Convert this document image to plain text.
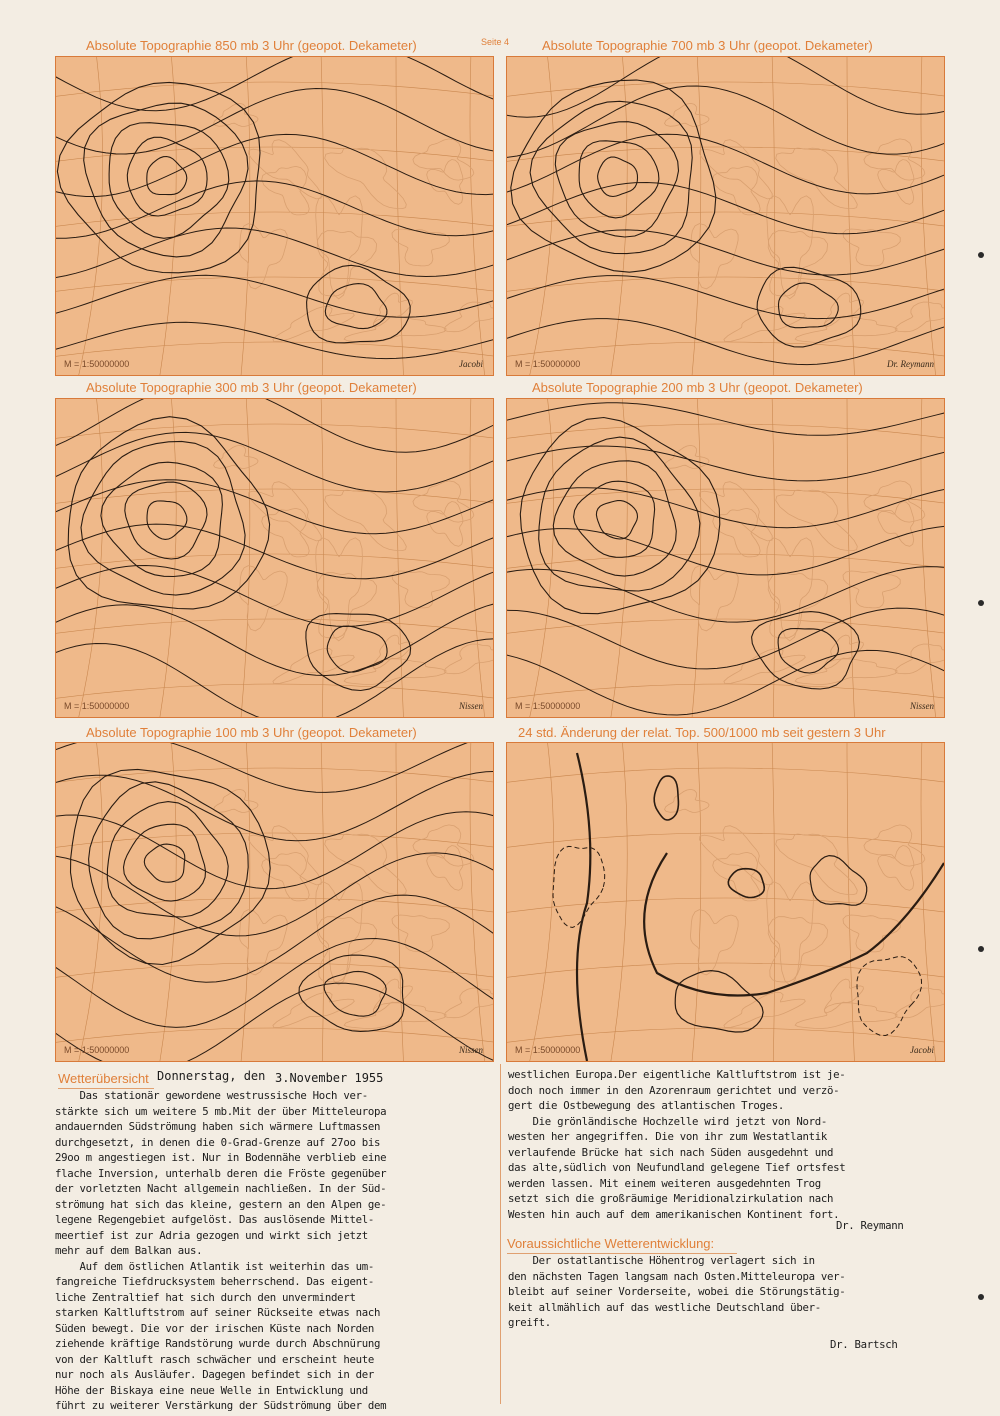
Seite 4
Absolute Topographie 850 mb 3 Uhr (geopot. Dekameter)	Absolute Topographie 700 mb 3 Uhr (geopot. Dekameter)
Absolute Topographie 300 mb 3 Uhr (geopot. Dekameter)	Absolute Topographie 200 mb 3 Uhr (geopot. Dekameter)
Absolute Topographie 100 mb 3 Uhr (geopot. Dekameter)	24 std. Änderung der relat. Top. 500/1000 mb seit gestern 3 Uhr
M = 1:50000000	Jacobi	M = 1:50000000	Dr. Reymann
M = 1:50000000	Nissen	M = 1:50000000	Nissen
M = 1:50000000	Nissen	M = 1:50000000	Jacobi
Wetterübersicht Donnerstag, den 3.November 1955
Das stationär gewordene westrussische Hoch ver-
stärkte sich um weitere 5 mb.Mit der über Mitteleuropa
andauernden Südströmung haben sich wärmere Luftmassen
durchgesetzt, in denen die 0-Grad-Grenze auf 27oo bis
29oo m angestiegen ist. Nur in Bodennähe verblieb eine
flache Inversion, unterhalb deren die Fröste gegenüber
der vorletzten Nacht allgemein nachließen. In der Süd-
strömung hat sich das kleine, gestern an den Alpen ge-
legene Regengebiet aufgelöst. Das auslösende Mittel-
meertief ist zur Adria gezogen und wirkt sich jetzt
mehr auf dem Balkan aus.
Auf dem östlichen Atlantik ist weiterhin das um-
fangreiche Tiefdrucksystem beherrschend. Das eigent-
liche Zentraltief hat sich durch den unvermindert
starken Kaltluftstrom auf seiner Rückseite etwas nach
Süden bewegt. Die vor der irischen Küste nach Norden
ziehende kräftige Randstörung wurde durch Abschnürung
von der Kaltluft rasch schwächer und erscheint heute
nur noch als Ausläufer. Dagegen befindet sich in der
Höhe der Biskaya eine neue Welle in Entwicklung und
führt zu weiterer Verstärkung der Südströmung über dem
westlichen Europa.Der eigentliche Kaltluftstrom ist je-
doch noch immer in den Azorenraum gerichtet und verzö-
gert die Ostbewegung des atlantischen Troges.
Die grönländische Hochzelle wird jetzt von Nord-
westen her angegriffen. Die von ihr zum Westatlantik
verlaufende Brücke hat sich nach Süden ausgedehnt und
das alte,südlich von Neufundland gelegene Tief ortsfest
werden lassen. Mit einem weiteren ausgedehnten Trog
setzt sich die großräumige Meridionalzirkulation nach
Westen hin auch auf dem amerikanischen Kontinent fort.
Dr. Reymann
Voraussichtliche Wetterentwicklung:
Der ostatlantische Höhentrog verlagert sich in
den nächsten Tagen langsam nach Osten.Mitteleuropa ver-
bleibt auf seiner Vorderseite, wobei die Störungstätig-
keit allmählich auf das westliche Deutschland über-
greift.
Dr. Bartsch
